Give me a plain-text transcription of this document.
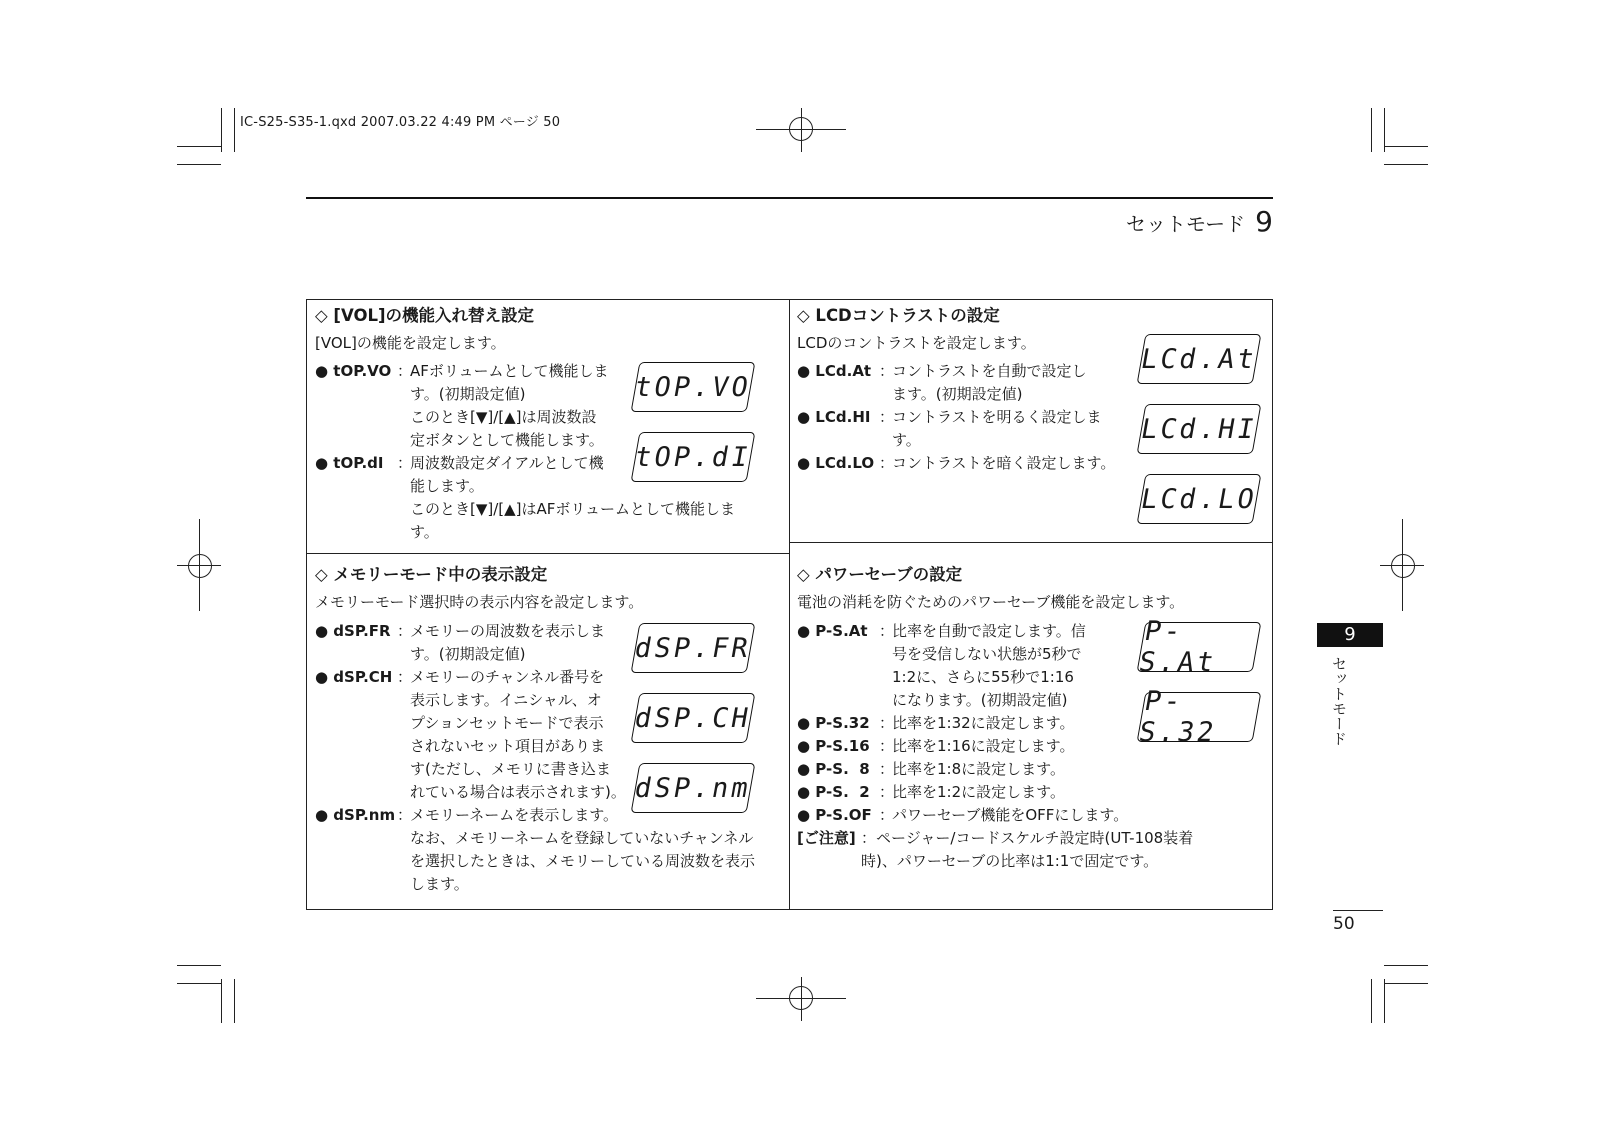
IC-S25-S35-1.qxd 2007.03.22 4:49 PM ページ 50
セットモード 9
◇ [VOL]の機能入れ替え設定
[VOL]の機能を設定します。
● tOP.VO ：
AFボリュームとして機能しま
す。(初期設定値)
このとき[▼]/[▲]は周波数設
定ボタンとして機能します。
● tOP.dI ：
周波数設定ダイアルとして機
能します。
このとき[▼]/[▲]はAFボリュームとして機能しま
す。
tOP.VO
tOP.dI
◇ LCDコントラストの設定
LCDのコントラストを設定します。
● LCd.At ：
コントラストを自動で設定し
ます。(初期設定値)
● LCd.HI ：
コントラストを明るく設定しま
す。
● LCd.LO ：
コントラストを暗く設定します。
LCd.At
LCd.HI
LCd.LO
◇ メモリーモード中の表示設定
メモリーモード選択時の表示内容を設定します。
● dSP.FR ：
メモリーの周波数を表示しま
す。(初期設定値)
● dSP.CH ：
メモリーのチャンネル番号を
表示します。イニシャル、オ
プションセットモードで表示
されないセット項目がありま
す(ただし、メモリに書き込ま
れている場合は表示されます)。
● dSP.nm ：
メモリーネームを表示します。
なお、メモリーネームを登録していないチャンネル
を選択したときは、メモリーしている周波数を表示
します。
dSP.FR
dSP.CH
dSP.nm
◇ パワーセーブの設定
電池の消耗を防ぐためのパワーセーブ機能を設定します。
● P-S.At ：
比率を自動で設定します。信
号を受信しない状態が5秒で
1:2に、さらに55秒で1:16
になります。(初期設定値)
● P-S.32 ：
比率を1:32に設定します。
● P-S.16 ：
比率を1:16に設定します。
● P-S.  8 ：
比率を1:8に設定します。
● P-S.  2 ：
比率を1:2に設定します。
● P-S.OF ：
パワーセーブ機能をOFFにします。
[ご注意] ：ページャー/コードスケルチ設定時(UT-108装着
時)、パワーセーブの比率は1:1で固定です。
P-S.At
P-S.32
9
セットモード
50
